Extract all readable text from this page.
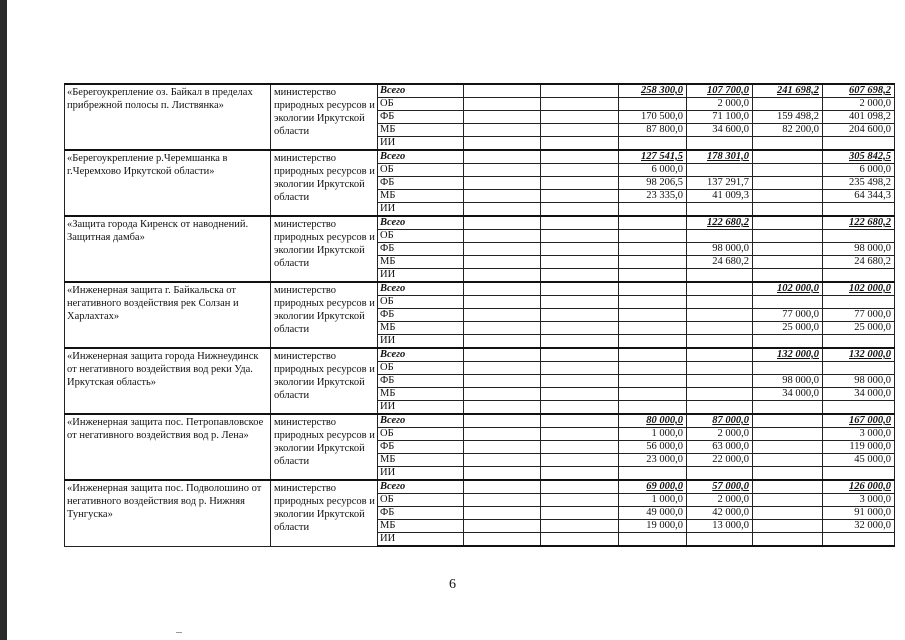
«Берегоукрепление оз. Байкал в пределах прибрежной полосы п. Листвянка»	министерство природных ресурсов и экологии Иркутской области	Всего			258 300,0	107 700,0	241 698,2	607 698,2
		ОБ				2 000,0		2 000,0
		ФБ			170 500,0	71 100,0	159 498,2	401 098,2
		МБ			87 800,0	34 600,0	82 200,0	204 600,0
		ИИ						
«Берегоукрепление р.Черемшанка в г.Черемхово Иркутской области»	министерство природных ресурсов и экологии Иркутской области	Всего			127 541,5	178 301,0		305 842,5
		ОБ			6 000,0			6 000,0
		ФБ			98 206,5	137 291,7		235 498,2
		МБ			23 335,0	41 009,3		64 344,3
		ИИ						
«Защита города Киренск от наводнений. Защитная дамба»	министерство природных ресурсов и экологии Иркутской области	Всего				122 680,2		122 680,2
		ОБ						
		ФБ				98 000,0		98 000,0
		МБ				24 680,2		24 680,2
		ИИ						
«Инженерная защита г. Байкальска от негативного воздействия рек Солзан и Харлахтах»	министерство природных ресурсов и экологии Иркутской области	Всего					102 000,0	102 000,0
		ОБ						
		ФБ					77 000,0	77 000,0
		МБ					25 000,0	25 000,0
		ИИ						
«Инженерная защита города Нижнеудинск от негативного воздействия вод реки Уда. Иркутская область»	министерство природных ресурсов и экологии Иркутской области	Всего					132 000,0	132 000,0
		ОБ						
		ФБ					98 000,0	98 000,0
		МБ					34 000,0	34 000,0
		ИИ						
«Инженерная защита пос. Петропавловское от негативного воздействия вод р. Лена»	министерство природных ресурсов и экологии Иркутской области	Всего			80 000,0	87 000,0		167 000,0
		ОБ			1 000,0	2 000,0		3 000,0
		ФБ			56 000,0	63 000,0		119 000,0
		МБ			23 000,0	22 000,0		45 000,0
		ИИ						
«Инженерная защита пос. Подволошино от негативного воздействия вод р. Нижняя Тунгуска»	министерство природных ресурсов и экологии Иркутской области	Всего			69 000,0	57 000,0		126 000,0
		ОБ			1 000,0	2 000,0		3 000,0
		ФБ			49 000,0	42 000,0		91 000,0
		МБ			19 000,0	13 000,0		32 000,0
		ИИ						
6
